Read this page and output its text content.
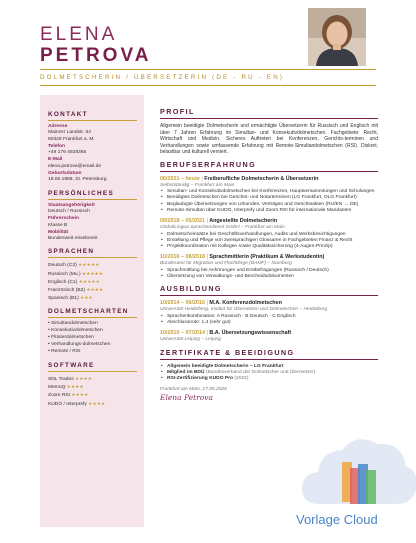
ELENA
PETROVA
DOLMETSCHERIN / ÜBERSETZERIN (DE - RU - EN)
KONTAKT
Adresse
Mainzer Landstr. 64
60329 Frankfurt a. M.
Telefon
+49 176 4928365
E-Mail
elena.petrova@email.de
Geburtsdatum
18.05.1988, St. Petersburg
PERSÖNLICHES
Staatsangehörigkeit
Deutsch / Russisch
Führerschein
Klasse B
Mobilität
Bundesweit reisebereit
SPRACHEN
Deutsch (C2) ★★★★★
Russisch (Mu.) ★★★★★
Englisch (C1) ★★★★★
Französisch (B2) ★★★★
Spanisch (B1) ★★★
DOLMETSCHARTEN
• Simultandolmetschen
• Konsekutivdolmetschen
• Flüsterdolmetschen
• Verhandlungs-dolmetschen
• Remote / RSI
SOFTWARE
SDL Trados ★★★★
MemoQ ★★★★
Zoom RSI ★★★★
KUDO / Interprefy ★★★★
PROFIL
Allgemein beeidigte Dolmetscherin und ermächtigte Übersetzerin für Russisch und Englisch mit über 7 Jahren Erfahrung im Simultan- und Konsekutivdolmetschen. Fachgebiete: Recht, Wirtschaft und Medizin. Sicheres Auftreten bei Konferenzen, Gerichts-terminen und Verhandlungen sowie umfassende Erfahrung mit Remote-Simultandolmetschen (RSI). Diskret, belastbar und kulturell versiert.
BERUFSERFAHRUNG
06/2021 – heute | Freiberufliche Dolmetscherin & Übersetzerin
Selbstständig – Frankfurt am Main
• Simultan- und Konsekutivdolmetschen bei Konferenzen, Hauptversammlungen und Schulungen
• Beeidigtes Dolmetschen bei Gerichts- und Notarterminen (LG Frankfurt, OLG Frankfurt)
• Beglaubigte Übersetzungen von Urkunden, Verträgen und Gerichtsakten (RU/EN ↔ DE)
• Remote-Simultan über KUDO, Interprefy und Zoom RSI für internationale Mandanten
09/2018 – 05/2021 | Angestellte Dolmetscherin
GlobalLingua Sprachendienst GmbH – Frankfurt am Main
• Dolmetscheinsätze bei Geschäftsverhandlungen, Audits und Werksbesichtigungen
• Erstellung und Pflege von zweisprachigen Glossaren in Fachgebieten Finanz & Recht
• Projektkoordination mit Kollegen sowie Qualitätssicherung (4-Augen-Prinzip)
10/2016 – 08/2018 | Sprachmittlerin (Praktikum & Werkstudentin)
Bundesamt für Migration und Flüchtlinge (BAMF) – Nürnberg
• Sprachmittlung bei Anhörungen und Erstbefragungen (Russisch / Deutsch)
• Übersetzung von Verwaltungs- und Bescheidsdokumenten
AUSBILDUNG
10/2014 – 09/2016 | M.A. Konferenzdolmetschen
Universität Heidelberg, Institut für Übersetzen und Dolmetschen – Heidelberg
• Sprachenkombination: A Russisch · B Deutsch · C Englisch
• Abschlussnote: 1,4 (sehr gut)
10/2010 – 07/2014 | B.A. Übersetzungswissenschaft
Universität Leipzig – Leipzig
ZERTIFIKATE & BEEIDIGUNG
• Allgemein beeidigte Dolmetscherin – LG Frankfurt
• Mitglied im BDÜ (Bundesverband der Dolmetscher und Übersetzer)
• RSI-Zertifizierung KUDO Pro (2022)
Frankfurt am Main, 17.05.2026
Elena Petrova
Vorlage Cloud
